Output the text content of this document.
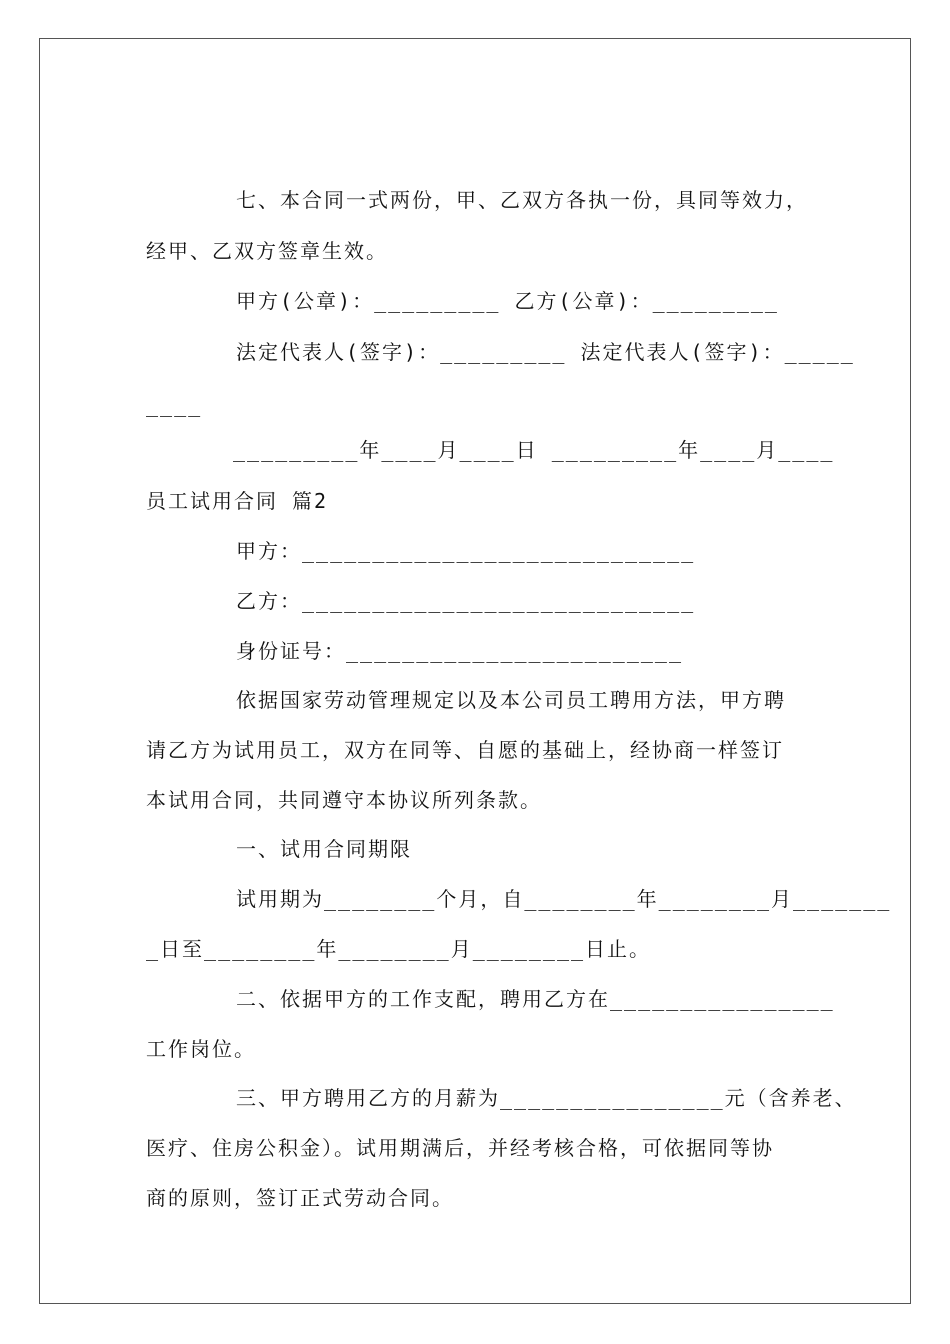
七、本合同一式两份，甲、乙双方各执一份，具同等效力，
经甲、乙双方签章生效。
甲方(公章)：_________ 乙方(公章)：_________
法定代表人(签字)：_________ 法定代表人(签字)：_____
____
_________年____月____日 _________年____月____
员工试用合同 篇2
甲方：____________________________
乙方：____________________________
身份证号：________________________
依据国家劳动管理规定以及本公司员工聘用方法，甲方聘
请乙方为试用员工，双方在同等、自愿的基础上，经协商一样签订
本试用合同，共同遵守本协议所列条款。
一、试用合同期限
试用期为________个月，自________年________月_______
_日至________年________月________日止。
二、依据甲方的工作支配，聘用乙方在________________
工作岗位。
三、甲方聘用乙方的月薪为________________元（含养老、
医疗、住房公积金）。试用期满后，并经考核合格，可依据同等协
商的原则，签订正式劳动合同。
